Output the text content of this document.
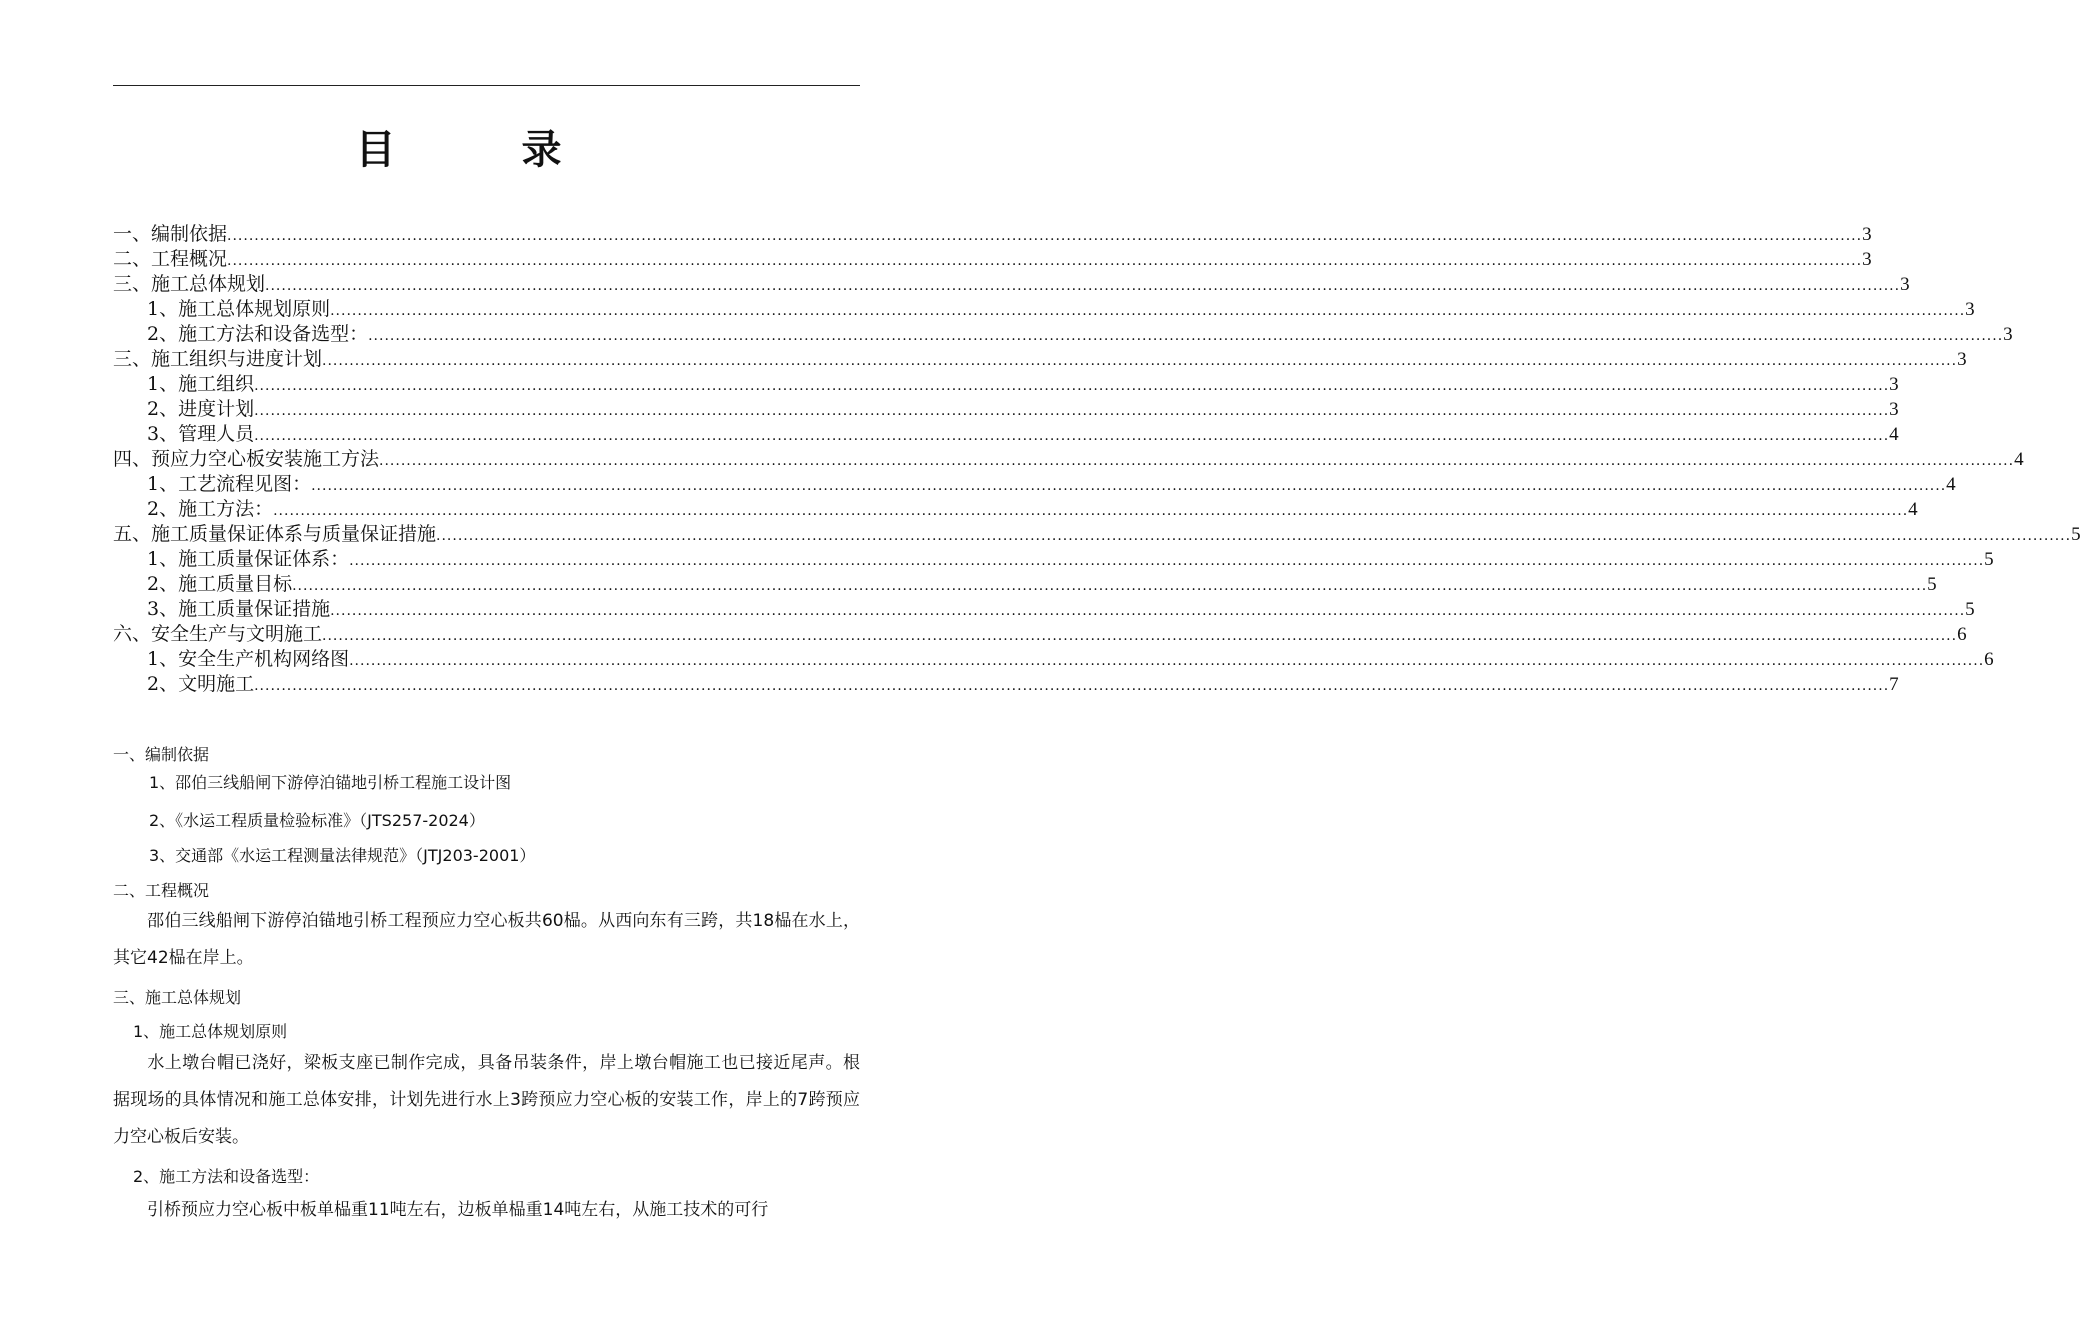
目 录
一、编制依据 ............................................................................................................................................................................................................................................................................................................ 3
二、工程概况 ............................................................................................................................................................................................................................................................................................................ 3
三、施工总体规划 ............................................................................................................................................................................................................................................................................................................ 3
1、施工总体规划原则 ............................................................................................................................................................................................................................................................................................................ 3
2、施工方法和设备选型： ............................................................................................................................................................................................................................................................................................................ 3
三、施工组织与进度计划 ............................................................................................................................................................................................................................................................................................................ 3
1、施工组织 ............................................................................................................................................................................................................................................................................................................ 3
2、进度计划 ............................................................................................................................................................................................................................................................................................................ 3
3、管理人员 ............................................................................................................................................................................................................................................................................................................ 4
四、预应力空心板安装施工方法 ............................................................................................................................................................................................................................................................................................................ 4
1、工艺流程见图： ............................................................................................................................................................................................................................................................................................................ 4
2、施工方法： ............................................................................................................................................................................................................................................................................................................ 4
五、施工质量保证体系与质量保证措施 ............................................................................................................................................................................................................................................................................................................ 5
1、施工质量保证体系： ............................................................................................................................................................................................................................................................................................................ 5
2、施工质量目标 ............................................................................................................................................................................................................................................................................................................ 5
3、施工质量保证措施 ............................................................................................................................................................................................................................................................................................................ 5
六、安全生产与文明施工 ............................................................................................................................................................................................................................................................................................................ 6
1、安全生产机构网络图 ............................................................................................................................................................................................................................................................................................................ 6
2、文明施工 ............................................................................................................................................................................................................................................................................................................ 7
一、编制依据
1、邵伯三线船闸下游停泊锚地引桥工程施工设计图
2、《水运工程质量检验标准》（JTS257-2024）
3、交通部《水运工程测量法律规范》（JTJ203-2001）
二、工程概况
邵伯三线船闸下游停泊锚地引桥工程预应力空心板共60榀。从西向东有三跨，共18榀在水上，其它42榀在岸上。
三、施工总体规划
1、施工总体规划原则
水上墩台帽已浇好，梁板支座已制作完成，具备吊装条件，岸上墩台帽施工也已接近尾声。根据现场的具体情况和施工总体安排，计划先进行水上3跨预应力空心板的安装工作，岸上的7跨预应力空心板后安装。
2、施工方法和设备选型：
引桥预应力空心板中板单榀重11吨左右，边板单榀重14吨左右，从施工技术的可行
